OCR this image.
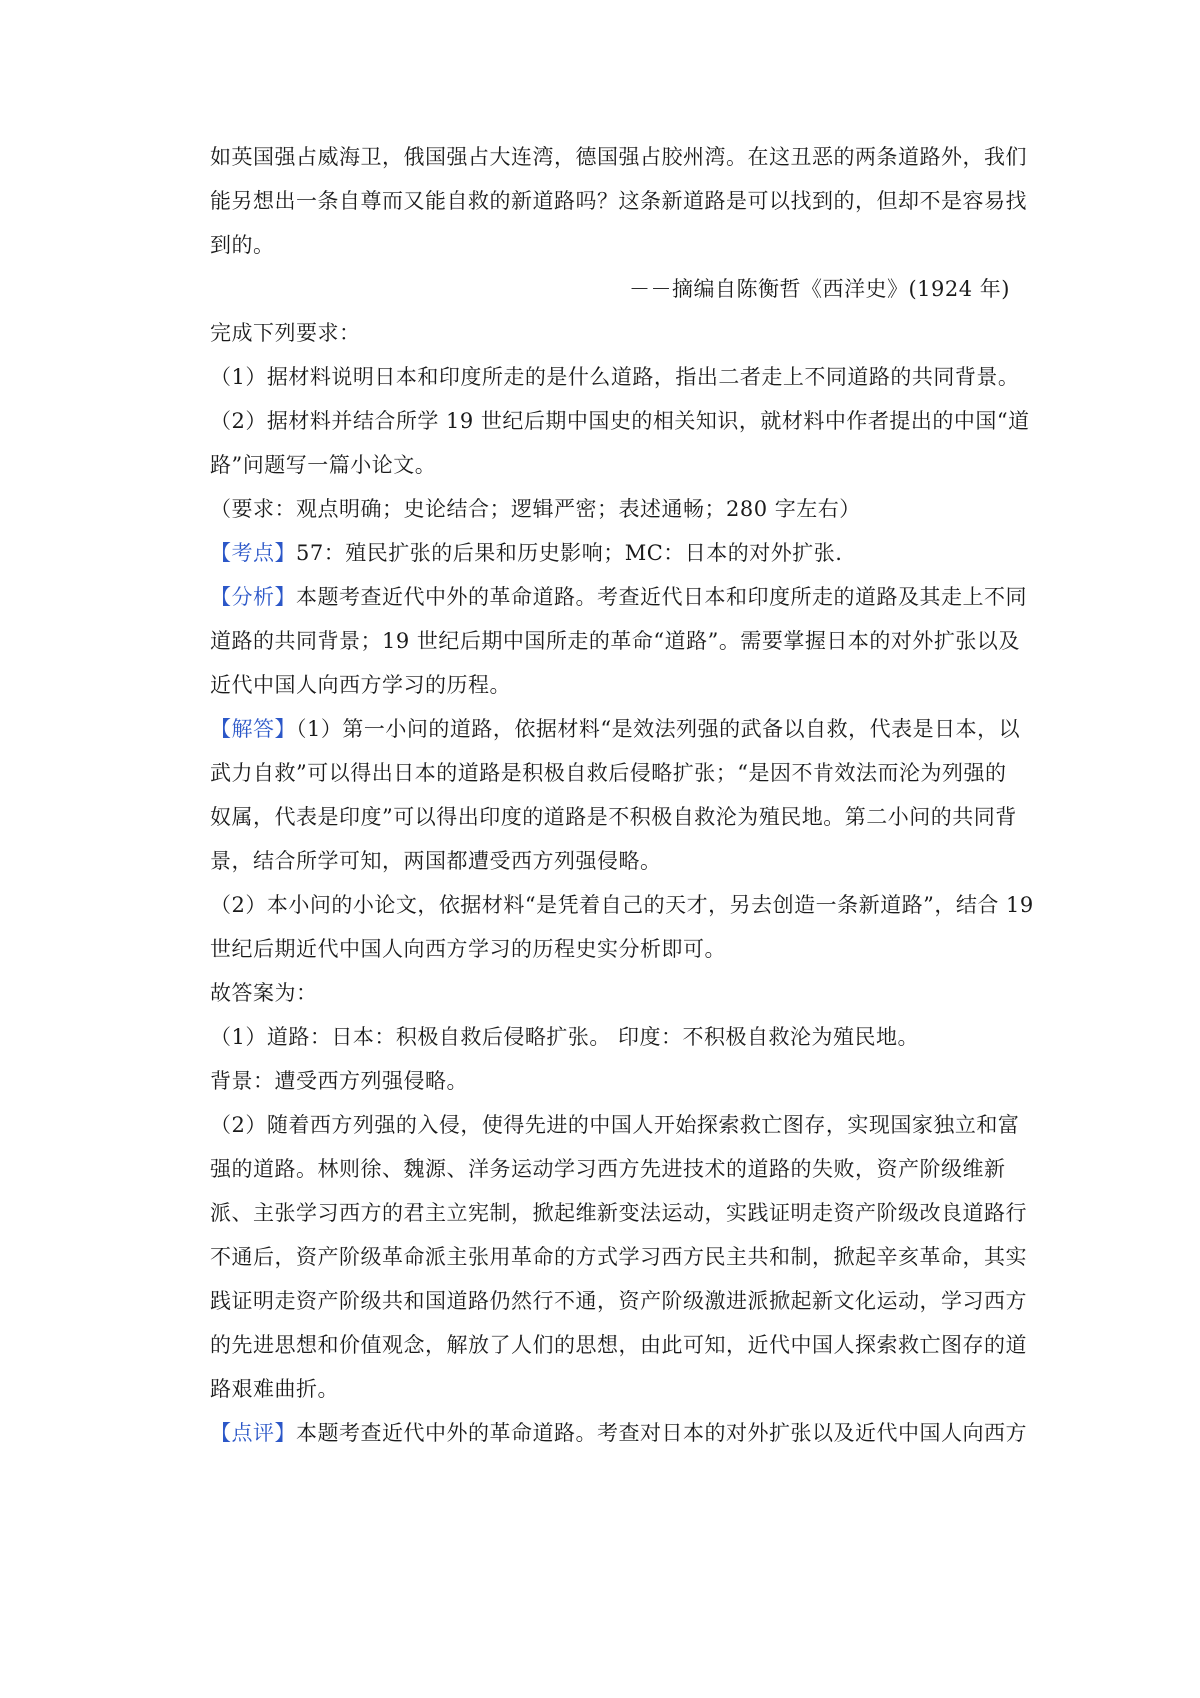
如英国强占威海卫，俄国强占大连湾，德国强占胶州湾。在这丑恶的两条道路外，我们
能另想出一条自尊而又能自救的新道路吗？这条新道路是可以找到的，但却不是容易找
到的。
－－摘编自陈衡哲《西洋史》(1924 年)
完成下列要求：
（1）据材料说明日本和印度所走的是什么道路，指出二者走上不同道路的共同背景。
（2）据材料并结合所学 19 世纪后期中国史的相关知识，就材料中作者提出的中国“道
路”问题写一篇小论文。
（要求：观点明确；史论结合；逻辑严密；表述通畅；280 字左右）
【考点】57：殖民扩张的后果和历史影响；MC：日本的对外扩张.
【分析】本题考查近代中外的革命道路。考查近代日本和印度所走的道路及其走上不同
道路的共同背景；19 世纪后期中国所走的革命“道路”。需要掌握日本的对外扩张以及
近代中国人向西方学习的历程。
【解答】（1）第一小问的道路，依据材料“是效法列强的武备以自救，代表是日本，以
武力自救”可以得出日本的道路是积极自救后侵略扩张；“是因不肯效法而沦为列强的
奴属，代表是印度”可以得出印度的道路是不积极自救沦为殖民地。第二小问的共同背
景，结合所学可知，两国都遭受西方列强侵略。
（2）本小问的小论文，依据材料“是凭着自己的天才，另去创造一条新道路”，结合 19
世纪后期近代中国人向西方学习的历程史实分析即可。
故答案为：
（1）道路：日本：积极自救后侵略扩张。 印度：不积极自救沦为殖民地。
背景：遭受西方列强侵略。
（2）随着西方列强的入侵，使得先进的中国人开始探索救亡图存，实现国家独立和富
强的道路。林则徐、魏源、洋务运动学习西方先进技术的道路的失败，资产阶级维新
派、主张学习西方的君主立宪制，掀起维新变法运动，实践证明走资产阶级改良道路行
不通后，资产阶级革命派主张用革命的方式学习西方民主共和制，掀起辛亥革命，其实
践证明走资产阶级共和国道路仍然行不通，资产阶级激进派掀起新文化运动，学习西方
的先进思想和价值观念，解放了人们的思想，由此可知，近代中国人探索救亡图存的道
路艰难曲折。
【点评】本题考查近代中外的革命道路。考查对日本的对外扩张以及近代中国人向西方
